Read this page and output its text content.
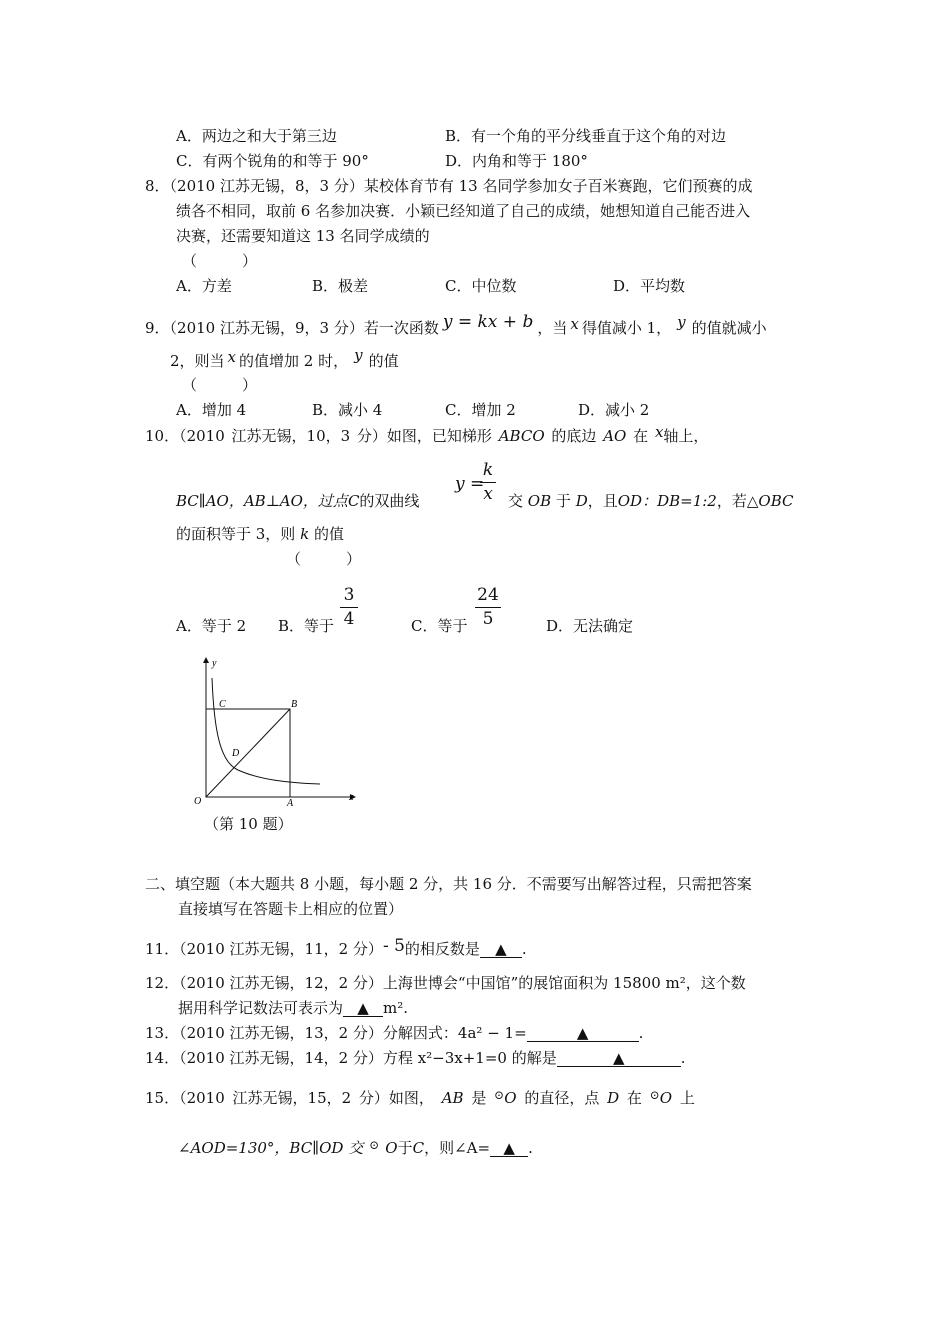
A．两边之和大于第三边	B．有一个角的平分线垂直于这个角的对边
C．有两个锐角的和等于 90°	D．内角和等于 180°
8．（2010 江苏无锡，8，3 分）某校体育节有 13 名同学参加女子百米赛跑，它们预赛的成
绩各不相同，取前 6 名参加决赛．小颖已经知道了自己的成绩，她想知道自己能否进入
决赛，还需要知道这 13 名同学成绩的
（　　　）
A．方差	B．极差	C．中位数	D．平均数
9．（2010 江苏无锡，9，3 分）若一次函数 y = kx + b ，当 x 得值减小 1， y 的值就减小
2，则当 x 的值增加 2 时， y 的值
（　　　）
A．增加 4	B．减小 4	C．增加 2	D．减小 2
10．（2010 江苏无锡，10，3 分）如图，已知梯形 ABCO 的底边 AO 在 x轴上，
BC∥AO，AB⊥AO，过点C的双曲线
y =
k
x 交 OB 于 D，且OD：DB=1:2，若△OBC
的面积等于 3，则 k 的值
（　　　）
A．等于 2 B．等于
3
4	C．等于
24
5	D．无法确定
y
x
O	A
B
C
D
（第 10 题）
二、填空题（本大题共 8 小题，每小题 2 分，共 16 分．不需要写出解答过程，只需把答案
直接填写在答题卡上相应的位置）
11．（2010 江苏无锡，11，2 分）- 5的相反数是 ▲ .
12．（2010 江苏无锡，12，2 分）上海世博会“中国馆”的展馆面积为 15800 m²，这个数
据用科学记数法可表示为 ▲ m².
13．（2010 江苏无锡，13，2 分）分解因式：4a² − 1=	▲	.
14．（2010 江苏无锡，14，2 分）方程 x²−3x+1=0 的解是	▲	.
15．（2010 江苏无锡，15，2 分）如图， AB 是 ⊙O 的直径，点 D 在 ⊙O 上
∠AOD=130°，BC∥OD 交 ⊙ O于C，则∠A= ▲ .
